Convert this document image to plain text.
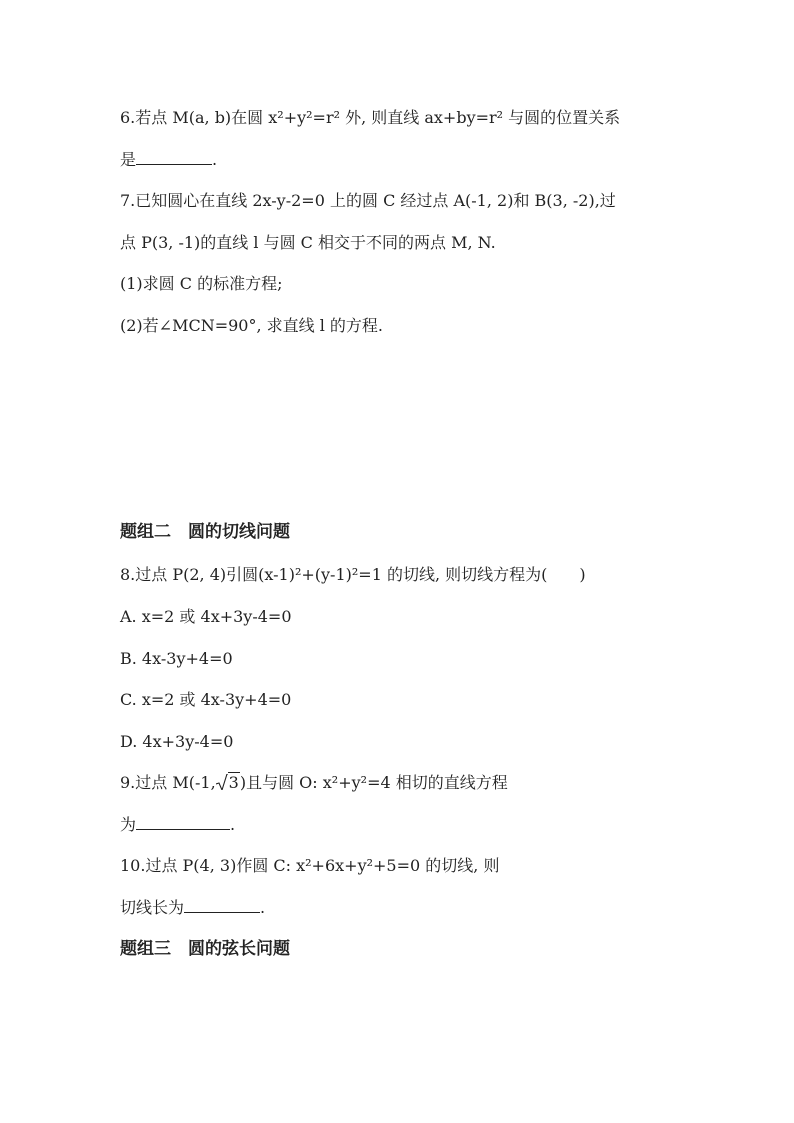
6.若点 M(a, b)在圆 x²+y²=r² 外, 则直线 ax+by=r² 与圆的位置关系
是	.
7.已知圆心在直线 2x-y-2=0 上的圆 C 经过点 A(-1, 2)和 B(3, -2),过
点 P(3, -1)的直线 l 与圆 C 相交于不同的两点 M, N.
(1)求圆 C 的标准方程;
(2)若∠MCN=90°, 求直线 l 的方程.
题组二　圆的切线问题
8.过点 P(2, 4)引圆(x-1)²+(y-1)²=1 的切线, 则切线方程为(　　)
A. x=2 或 4x+3y-4=0
B. 4x-3y+4=0
C. x=2 或 4x-3y+4=0
D. 4x+3y-4=0
9.过点 M(-1, 3)且与圆 O: x²+y²=4 相切的直线方程
为	.
10.过点 P(4, 3)作圆 C: x²+6x+y²+5=0 的切线, 则
切线长为	.
题组三　圆的弦长问题
